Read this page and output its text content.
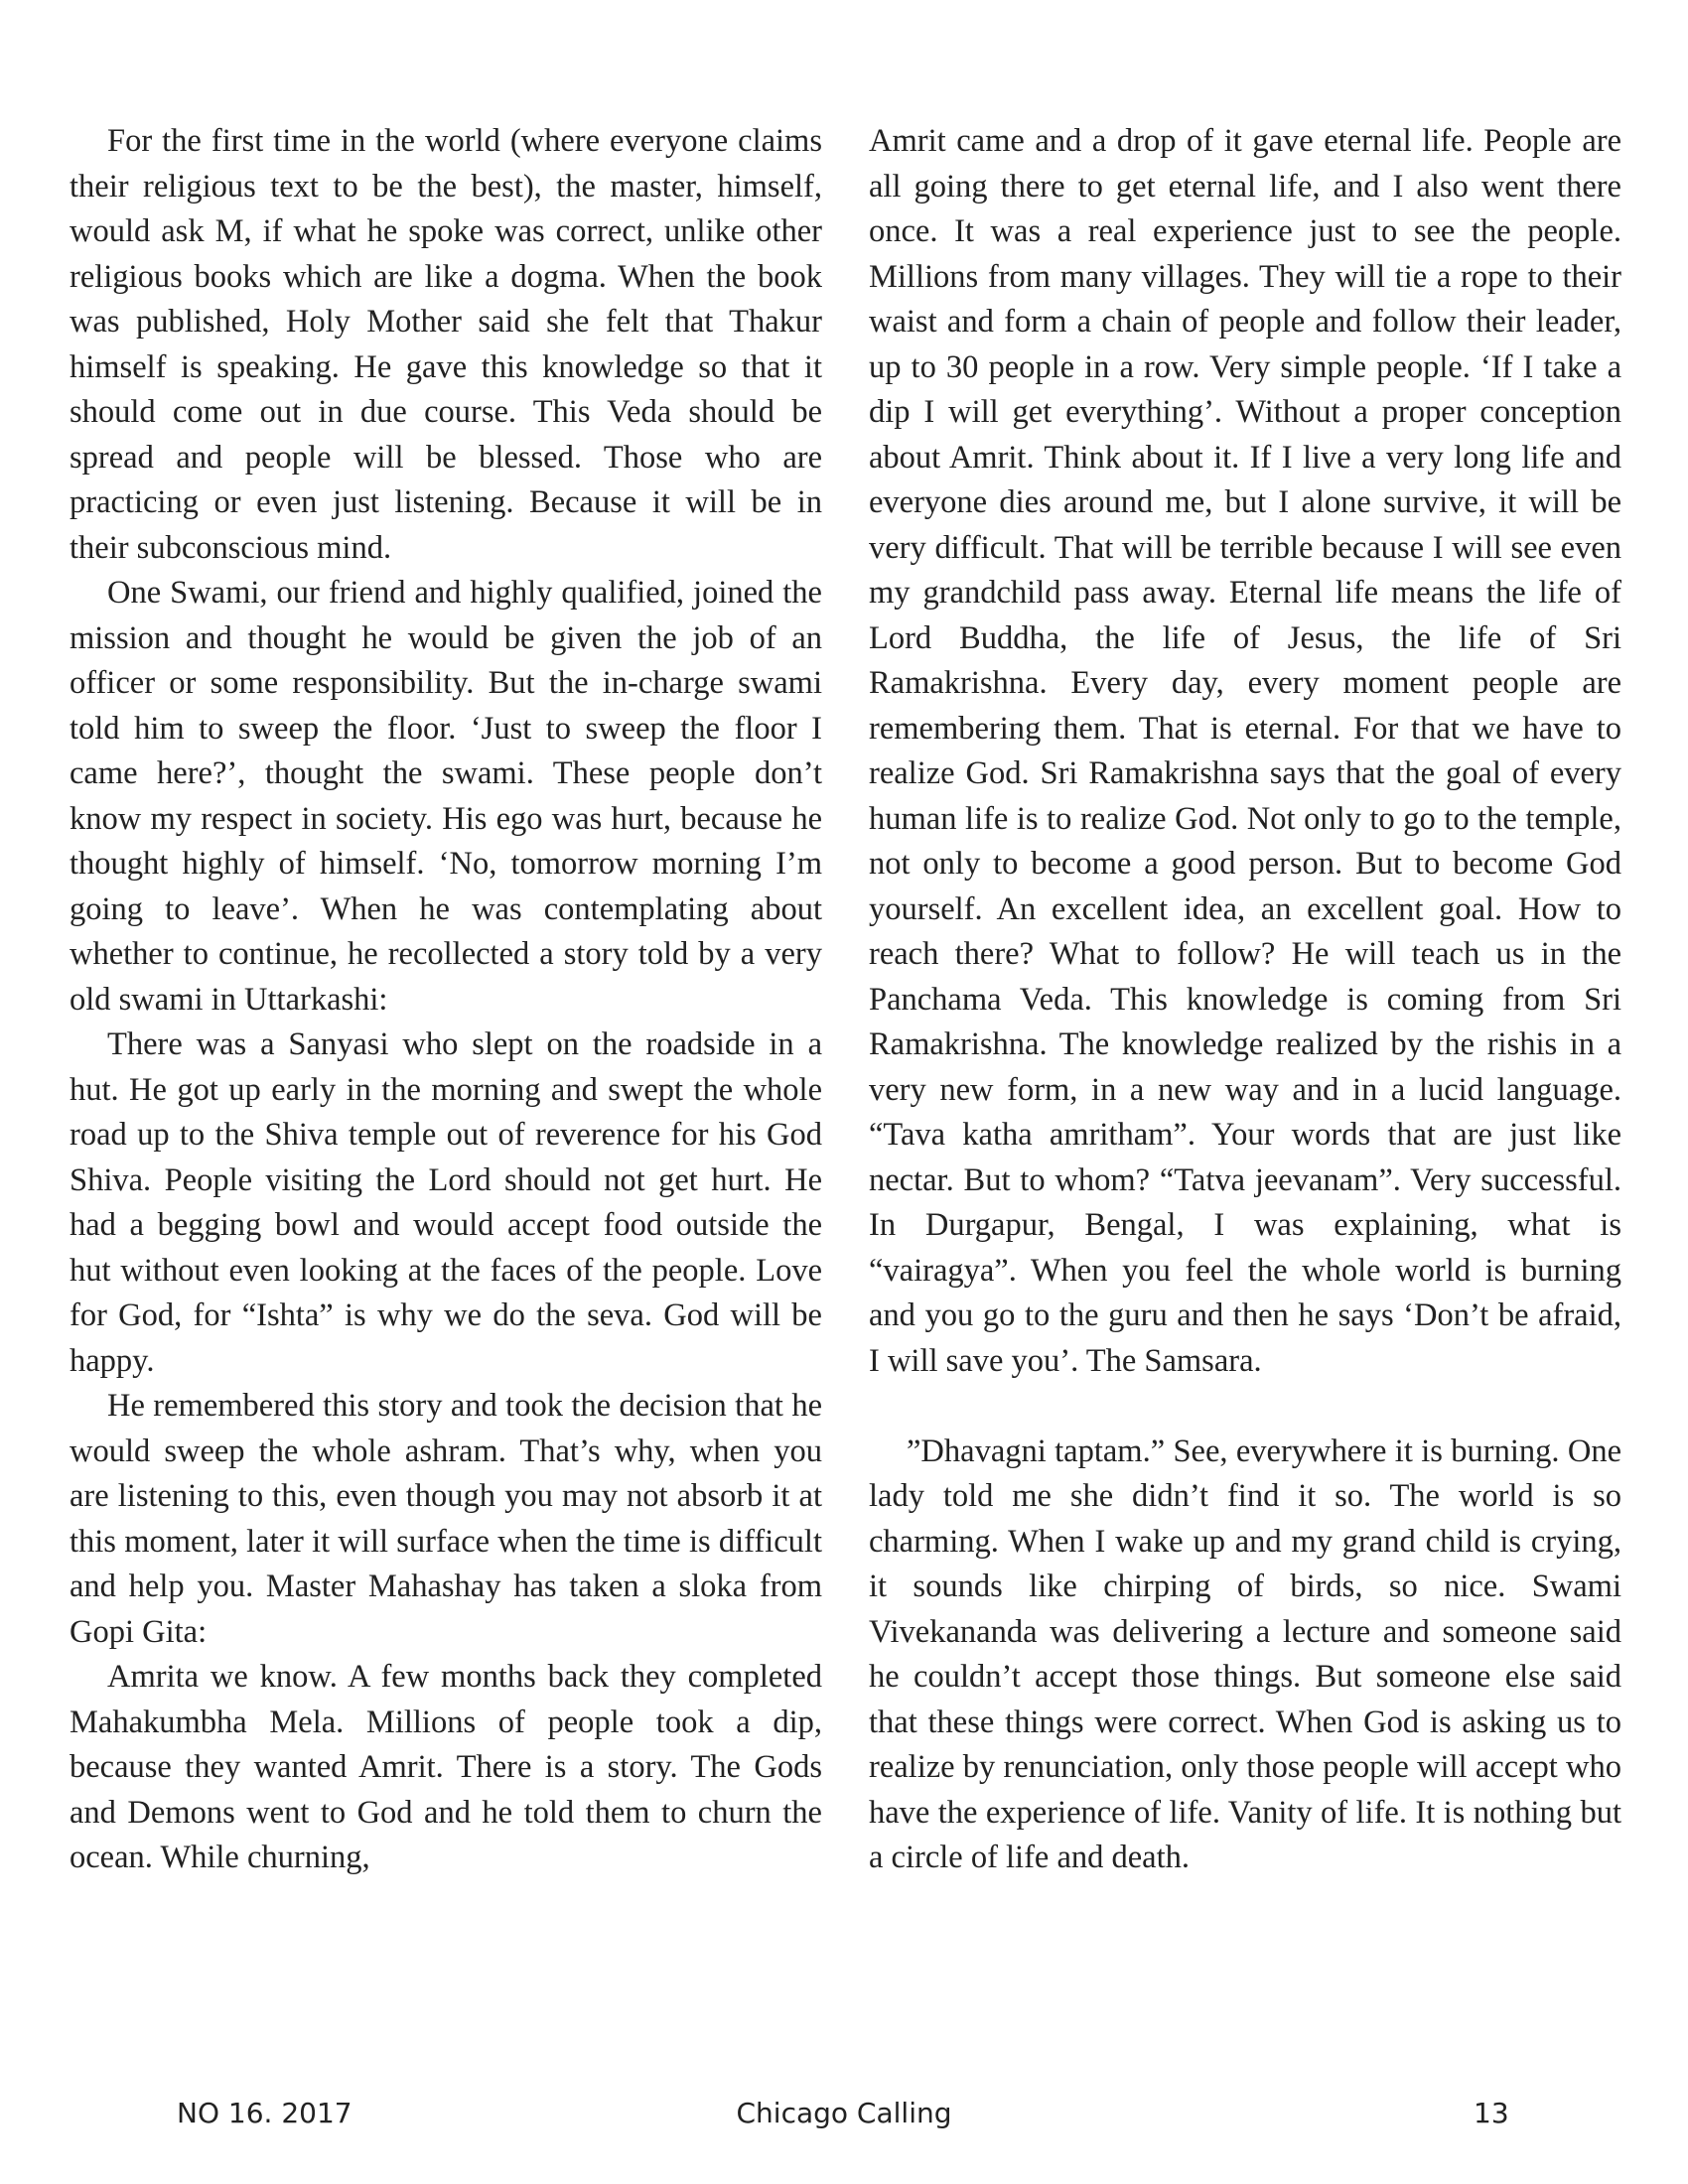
For the first time in the world (where everyone claims their religious text to be the best), the master, himself, would ask M, if what he spoke was correct, unlike other religious books which are like a dogma. When the book was published, Holy Mother said she felt that Thakur himself is speaking. He gave this knowledge so that it should come out in due course. This Veda should be spread and people will be blessed. Those who are practicing or even just listening. Because it will be in their subconscious mind.

One Swami, our friend and highly qualified, joined the mission and thought he would be given the job of an officer or some responsibility. But the in-charge swami told him to sweep the floor. ‘Just to sweep the floor I came here?’, thought the swami. These people don’t know my respect in society. His ego was hurt, because he thought highly of himself. ‘No, tomorrow morning I’m going to leave’. When he was contemplating about whether to continue, he recollected a story told by a very old swami in Uttarkashi:

There was a Sanyasi who slept on the roadside in a hut. He got up early in the morning and swept the whole road up to the Shiva temple out of reverence for his God Shiva. People visiting the Lord should not get hurt. He had a begging bowl and would accept food outside the hut without even looking at the faces of the people. Love for God, for “Ishta” is why we do the seva. God will be happy.

He remembered this story and took the decision that he would sweep the whole ashram. That’s why, when you are listening to this, even though you may not absorb it at this moment, later it will surface when the time is difficult and help you. Master Mahashay has taken a sloka from Gopi Gita:

Amrita we know. A few months back they completed Mahakumbha Mela. Millions of people took a dip, because they wanted Amrit. There is a story. The Gods and Demons went to God and he told them to churn the ocean. While churning,

Amrit came and a drop of it gave eternal life. People are all going there to get eternal life, and I also went there once. It was a real experience just to see the people. Millions from many villages. They will tie a rope to their waist and form a chain of people and follow their leader, up to 30 people in a row. Very simple people. ‘If I take a dip I will get everything’. Without a proper conception about Amrit. Think about it. If I live a very long life and everyone dies around me, but I alone survive, it will be very difficult. That will be terrible because I will see even my grandchild pass away. Eternal life means the life of Lord Buddha, the life of Jesus, the life of Sri Ramakrishna. Every day, every moment people are remembering them. That is eternal. For that we have to realize God. Sri Ramakrishna says that the goal of every human life is to realize God. Not only to go to the temple, not only to become a good person. But to become God yourself. An excellent idea, an excellent goal. How to reach there? What to follow? He will teach us in the Panchama Veda. This knowledge is coming from Sri Ramakrishna. The knowledge realized by the rishis in a very new form, in a new way and in a lucid language. “Tava katha amritham”. Your words that are just like nectar. But to whom? “Tatva jeevanam”. Very successful. In Durgapur, Bengal, I was explaining, what is “vairagya”. When you feel the whole world is burning and you go to the guru and then he says ‘Don’t be afraid, I will save you’. The Samsara.

”Dhavagni taptam.” See, everywhere it is burning. One lady told me she didn’t find it so. The world is so charming. When I wake up and my grand child is crying, it sounds like chirping of birds, so nice. Swami Vivekananda was delivering a lecture and someone said he couldn’t accept those things. But someone else said that these things were correct. When God is asking us to realize by renunciation, only those people will accept who have the experience of life. Vanity of life. It is nothing but a circle of life and death.

NO 16. 2017	Chicago Calling	13
